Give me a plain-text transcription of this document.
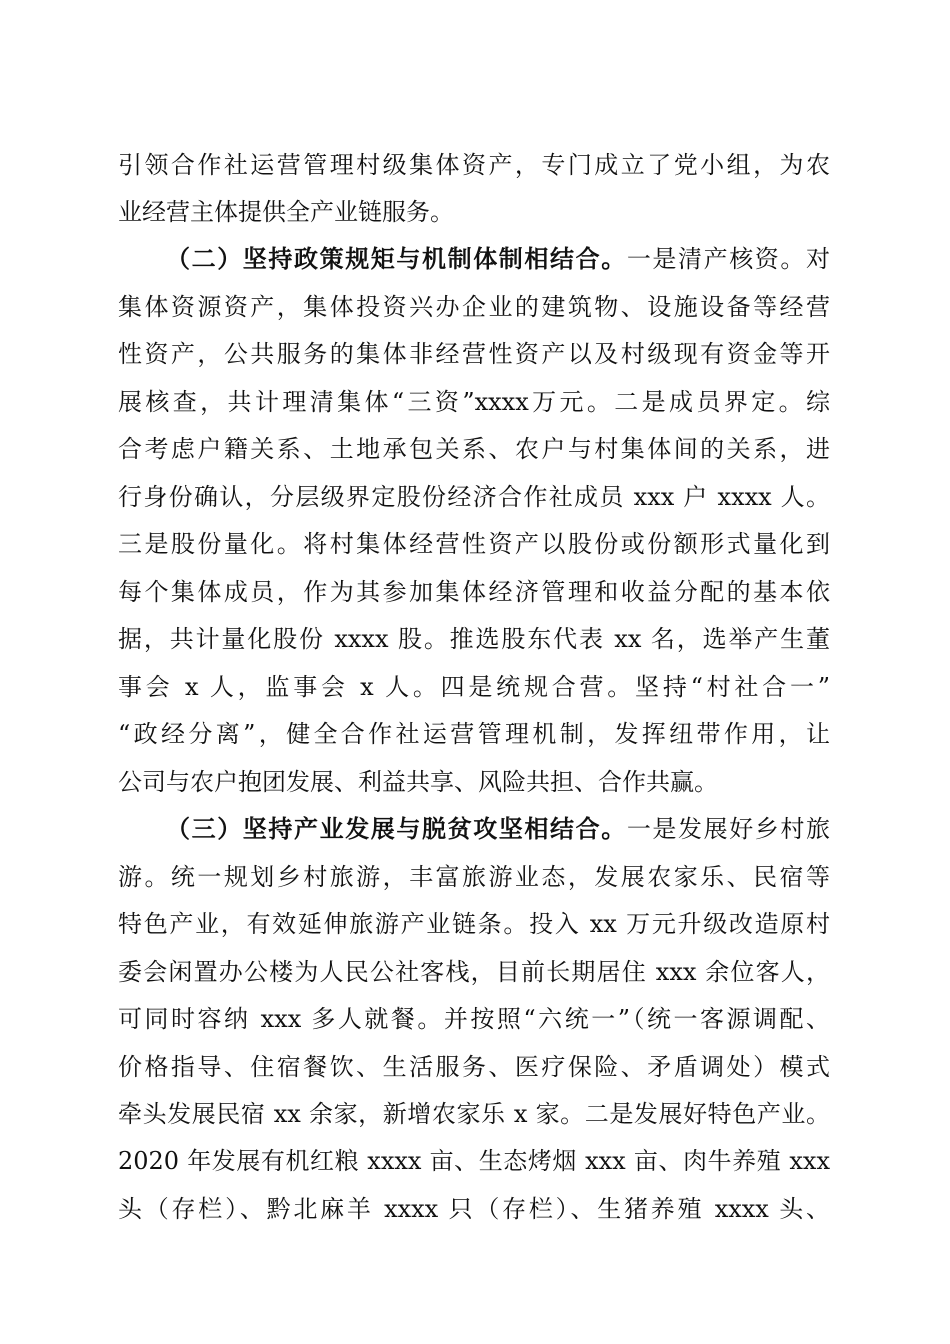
引领合作社运营管理村级集体资产，专门成立了党小组，为农
业经营主体提供全产业链服务。
（二）坚持政策规矩与机制体制相结合。一是清产核资。对
集体资源资产，集体投资兴办企业的建筑物、设施设备等经营
性资产，公共服务的集体非经营性资产以及村级现有资金等开
展核查，共计理清集体“三资”xxxx万元。二是成员界定。综
合考虑户籍关系、土地承包关系、农户与村集体间的关系，进
行身份确认，分层级界定股份经济合作社成员 xxx 户 xxxx 人。
三是股份量化。将村集体经营性资产以股份或份额形式量化到
每个集体成员，作为其参加集体经济管理和收益分配的基本依
据，共计量化股份 xxxx 股。推选股东代表 xx 名，选举产生董
事会 x 人，监事会 x 人。四是统规合营。坚持“村社合一”
“政经分离”，健全合作社运营管理机制，发挥纽带作用，让
公司与农户抱团发展、利益共享、风险共担、合作共赢。
（三）坚持产业发展与脱贫攻坚相结合。一是发展好乡村旅
游。统一规划乡村旅游，丰富旅游业态，发展农家乐、民宿等
特色产业，有效延伸旅游产业链条。投入 xx 万元升级改造原村
委会闲置办公楼为人民公社客栈，目前长期居住 xxx 余位客人，
可同时容纳 xxx 多人就餐。并按照“六统一”（统一客源调配、
价格指导、住宿餐饮、生活服务、医疗保险、矛盾调处）模式
牵头发展民宿 xx 余家，新增农家乐 x 家。二是发展好特色产业。
2020 年发展有机红粮 xxxx 亩、生态烤烟 xxx 亩、肉牛养殖 xxx
头（存栏）、黔北麻羊 xxxx 只（存栏）、生猪养殖 xxxx 头、
